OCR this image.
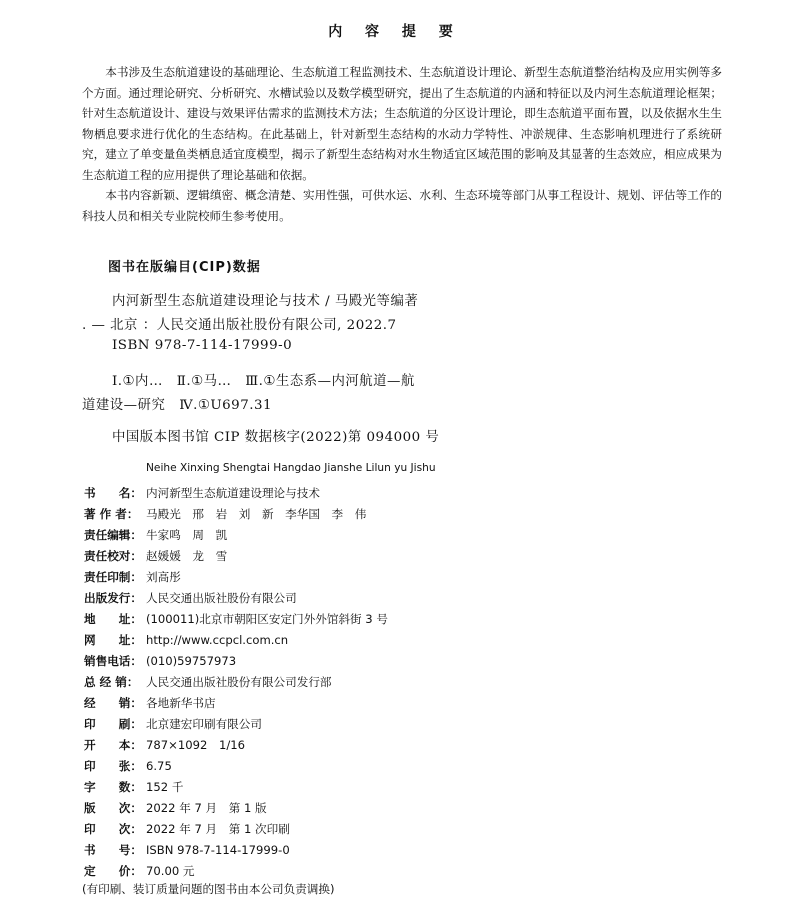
内 容 提 要

本书涉及生态航道建设的基础理论、生态航道工程监测技术、生态航道设计理论、新型生态航道整治结构及应用实例等多个方面。通过理论研究、分析研究、水槽试验以及数学模型研究，提出了生态航道的内涵和特征以及内河生态航道理论框架；针对生态航道设计、建设与效果评估需求的监测技术方法；生态航道的分区设计理论，即生态航道平面布置，以及依据水生生物栖息要求进行优化的生态结构。在此基础上，针对新型生态结构的水动力学特性、冲淤规律、生态影响机理进行了系统研究，建立了单变量鱼类栖息适宜度模型，揭示了新型生态结构对水生物适宜区域范围的影响及其显著的生态效应，相应成果为生态航道工程的应用提供了理论基础和依据。

本书内容新颖、逻辑缜密、概念清楚、实用性强，可供水运、水利、生态环境等部门从事工程设计、规划、评估等工作的科技人员和相关专业院校师生参考使用。

图书在版编目(CIP)数据
内河新型生态航道建设理论与技术 / 马殿光等编著
. — 北京 ：人民交通出版社股份有限公司, 2022.7
ISBN 978-7-114-17999-0
Ⅰ.①内…　Ⅱ.①马…　Ⅲ.①生态系—内河航道—航
道建设—研究　Ⅳ.①U697.31
中国版本图书馆 CIP 数据核字(2022)第 094000 号
Neihe Xinxing Shengtai Hangdao Jianshe Lilun yu Jishu
书　　名： 内河新型生态航道建设理论与技术
著 作 者： 马殿光　邢　岩　刘　新　李华国　李　伟
责任编辑： 牛家鸣　周　凯
责任校对： 赵媛媛　龙　雪
责任印制： 刘高彤
出版发行： 人民交通出版社股份有限公司
地　　址： (100011)北京市朝阳区安定门外外馆斜街 3 号
网　　址： http://www.ccpcl.com.cn
销售电话： (010)59757973
总 经 销： 人民交通出版社股份有限公司发行部
经　　销： 各地新华书店
印　　刷： 北京建宏印刷有限公司
开　　本： 787×1092　1/16
印　　张： 6.75
字　　数： 152 千
版　　次： 2022 年 7 月　第 1 版
印　　次： 2022 年 7 月　第 1 次印刷
书　　号： ISBN 978-7-114-17999-0
定　　价： 70.00 元
(有印刷、装订质量问题的图书由本公司负责调换)
